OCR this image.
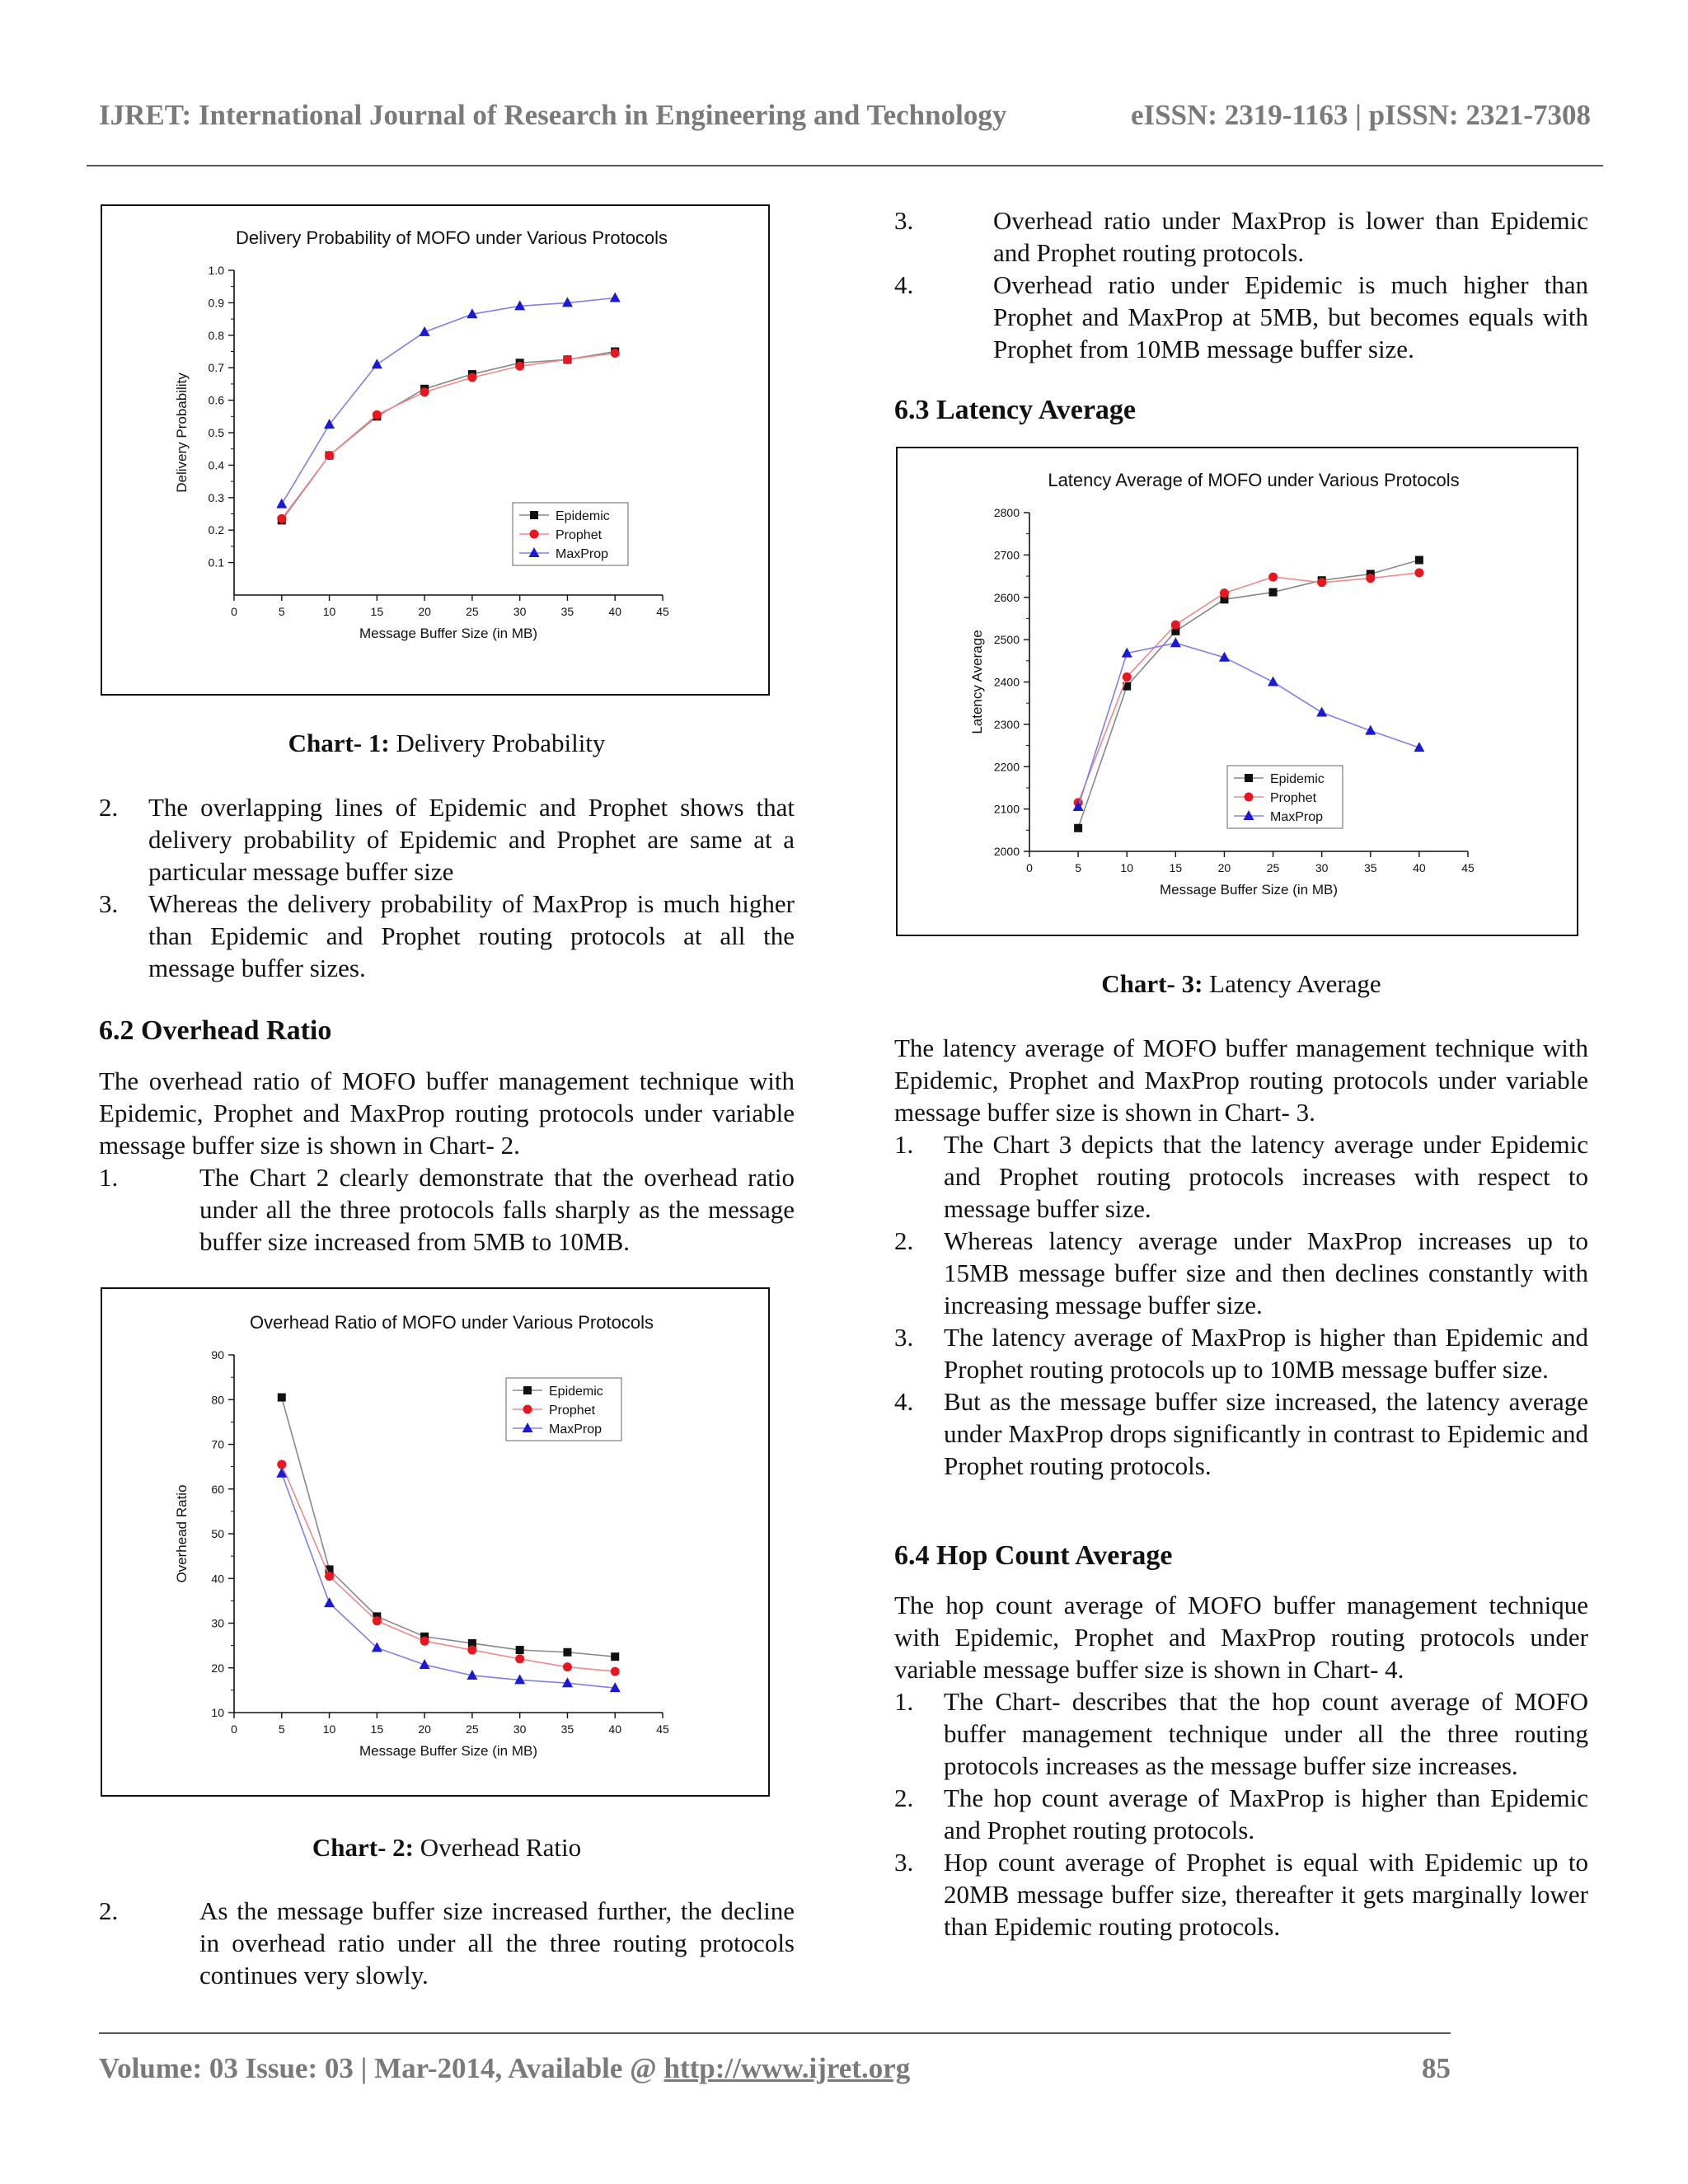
IJRET: International Journal of Research in Engineering and Technology	eISSN: 2319-1163 | pISSN: 2321-7308
Delivery Probability of MOFO under Various Protocols
0	5	10	15	20	25	30	35	40	45
0.1
0.2
0.3
0.4
0.5
0.6
0.7
0.8
0.9
1.0
Message Buffer Size (in MB)
Delivery Probability
Epidemic
Prophet
MaxProp
Chart- 1: Delivery Probability
2. The overlapping lines of Epidemic and Prophet shows that delivery probability of Epidemic and Prophet are same at a particular message buffer size

3. Whereas the delivery probability of MaxProp is much higher than Epidemic and Prophet routing protocols at all the message buffer sizes.

6.2 Overhead Ratio

The overhead ratio of MOFO buffer management technique with Epidemic, Prophet and MaxProp routing protocols under variable message buffer size is shown in Chart- 2.

1.	The Chart 2 clearly demonstrate that the overhead ratio under all the three protocols falls sharply as the message buffer size increased from 5MB to 10MB.

Overhead Ratio of MOFO under Various Protocols
0	5	10	15	20	25	30	35	40	45
10
20
30
40
50
60
70
80
90
Message Buffer Size (in MB)
Overhead Ratio
Epidemic
Prophet
MaxProp
Chart- 2: Overhead Ratio
2.	As the message buffer size increased further, the decline in overhead ratio under all the three routing protocols continues very slowly.

3.	Overhead ratio under MaxProp is lower than Epidemic and Prophet routing protocols.

4.	Overhead ratio under Epidemic is much higher than Prophet and MaxProp at 5MB, but becomes equals with Prophet from 10MB message buffer size.

6.3 Latency Average
Latency Average of MOFO under Various Protocols
0	5	10	15	20	25	30	35	40	45
2000
2100
2200
2300
2400
2500
2600
2700
2800
Message Buffer Size (in MB)
Latency Average
Epidemic
Prophet
MaxProp
Chart- 3: Latency Average

The latency average of MOFO buffer management technique with Epidemic, Prophet and MaxProp routing protocols under variable message buffer size is shown in Chart- 3.

1. The Chart 3 depicts that the latency average under Epidemic and Prophet routing protocols increases with respect to message buffer size.

2. Whereas latency average under MaxProp increases up to 15MB message buffer size and then declines constantly with increasing message buffer size.

3. The latency average of MaxProp is higher than Epidemic and Prophet routing protocols up to 10MB message buffer size.

4. But as the message buffer size increased, the latency average under MaxProp drops significantly in contrast to Epidemic and Prophet routing protocols.

6.4 Hop Count Average

The hop count average of MOFO buffer management technique with Epidemic, Prophet and MaxProp routing protocols under variable message buffer size is shown in Chart- 4.

1. The Chart- describes that the hop count average of MOFO buffer management technique under all the three routing protocols increases as the message buffer size increases.

2. The hop count average of MaxProp is higher than Epidemic and Prophet routing protocols.

3. Hop count average of Prophet is equal with Epidemic up to 20MB message buffer size, thereafter it gets marginally lower than Epidemic routing protocols.

Volume: 03 Issue: 03 | Mar-2014, Available @ http://www.ijret.org	85
